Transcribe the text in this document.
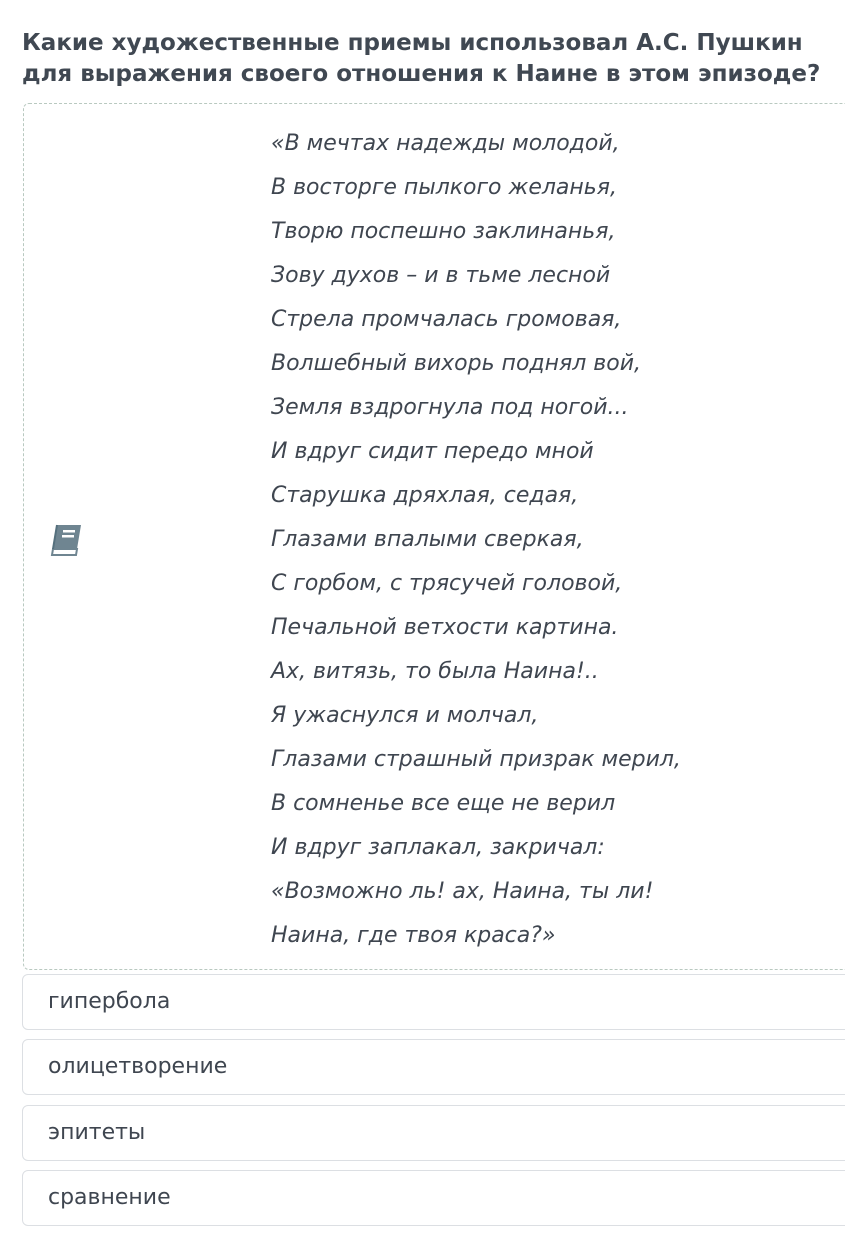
Какие художественные приемы использовал А.С. Пушкин для выражения своего отношения к Наине в этом эпизоде?
«В мечтах надежды молодой,
В восторге пылкого желанья,
Творю поспешно заклинанья,
Зову духов – и в тьме лесной
Стрела промчалась громовая,
Волшебный вихорь поднял вой,
Земля вздрогнула под ногой...
И вдруг сидит передо мной
Старушка дряхлая, седая,
Глазами впалыми сверкая,
С горбом, с трясучей головой,
Печальной ветхости картина.
Ах, витязь, то была Наина!..
Я ужаснулся и молчал,
Глазами страшный призрак мерил,
В сомненье все еще не верил
И вдруг заплакал, закричал:
«Возможно ль! ах, Наина, ты ли!
Наина, где твоя краса?»
гипербола
олицетворение
эпитеты
сравнение
